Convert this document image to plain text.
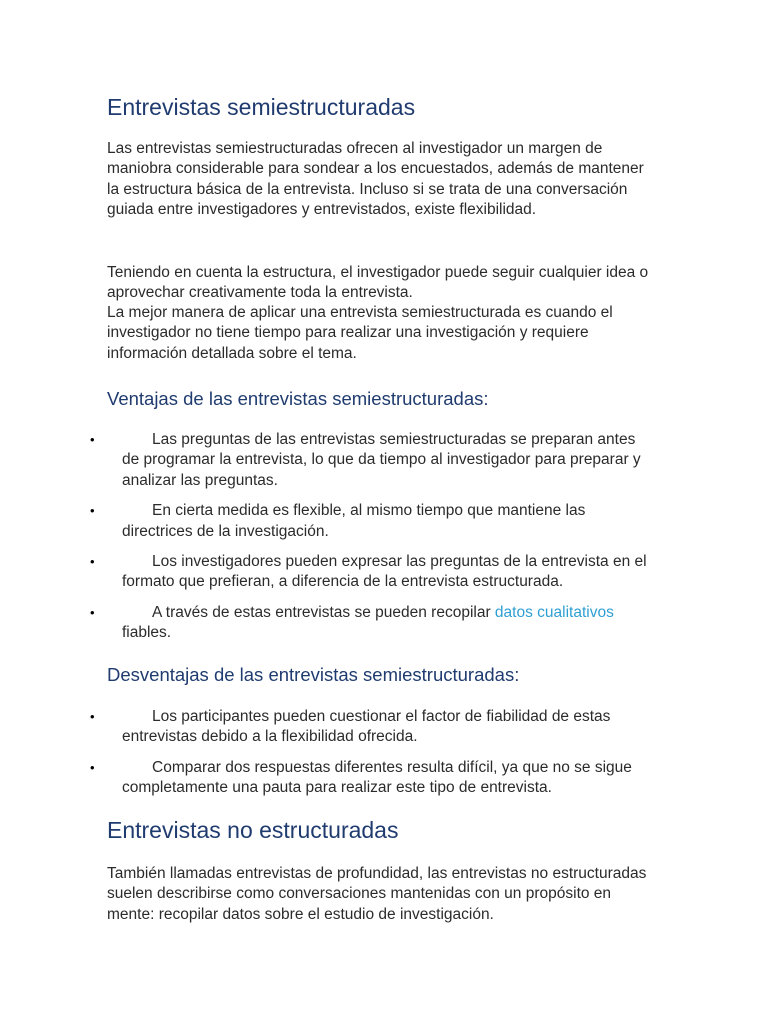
Entrevistas semiestructuradas

Las entrevistas semiestructuradas ofrecen al investigador un margen de maniobra considerable para sondear a los encuestados, además de mantener la estructura básica de la entrevista. Incluso si se trata de una conversación guiada entre investigadores y entrevistados, existe flexibilidad.

Teniendo en cuenta la estructura, el investigador puede seguir cualquier idea o aprovechar creativamente toda la entrevista.

La mejor manera de aplicar una entrevista semiestructurada es cuando el investigador no tiene tiempo para realizar una investigación y requiere información detallada sobre el tema.

Ventajas de las entrevistas semiestructuradas:
•	Las preguntas de las entrevistas semiestructuradas se preparan antes de programar la entrevista, lo que da tiempo al investigador para preparar y analizar las preguntas.
•	En cierta medida es flexible, al mismo tiempo que mantiene las directrices de la investigación.
•	Los investigadores pueden expresar las preguntas de la entrevista en el formato que prefieran, a diferencia de la entrevista estructurada.
•	A través de estas entrevistas se pueden recopilar datos cualitativos fiables.
Desventajas de las entrevistas semiestructuradas:
•	Los participantes pueden cuestionar el factor de fiabilidad de estas entrevistas debido a la flexibilidad ofrecida.
•	Comparar dos respuestas diferentes resulta difícil, ya que no se sigue completamente una pauta para realizar este tipo de entrevista.
Entrevistas no estructuradas

También llamadas entrevistas de profundidad, las entrevistas no estructuradas suelen describirse como conversaciones mantenidas con un propósito en mente: recopilar datos sobre el estudio de investigación.
